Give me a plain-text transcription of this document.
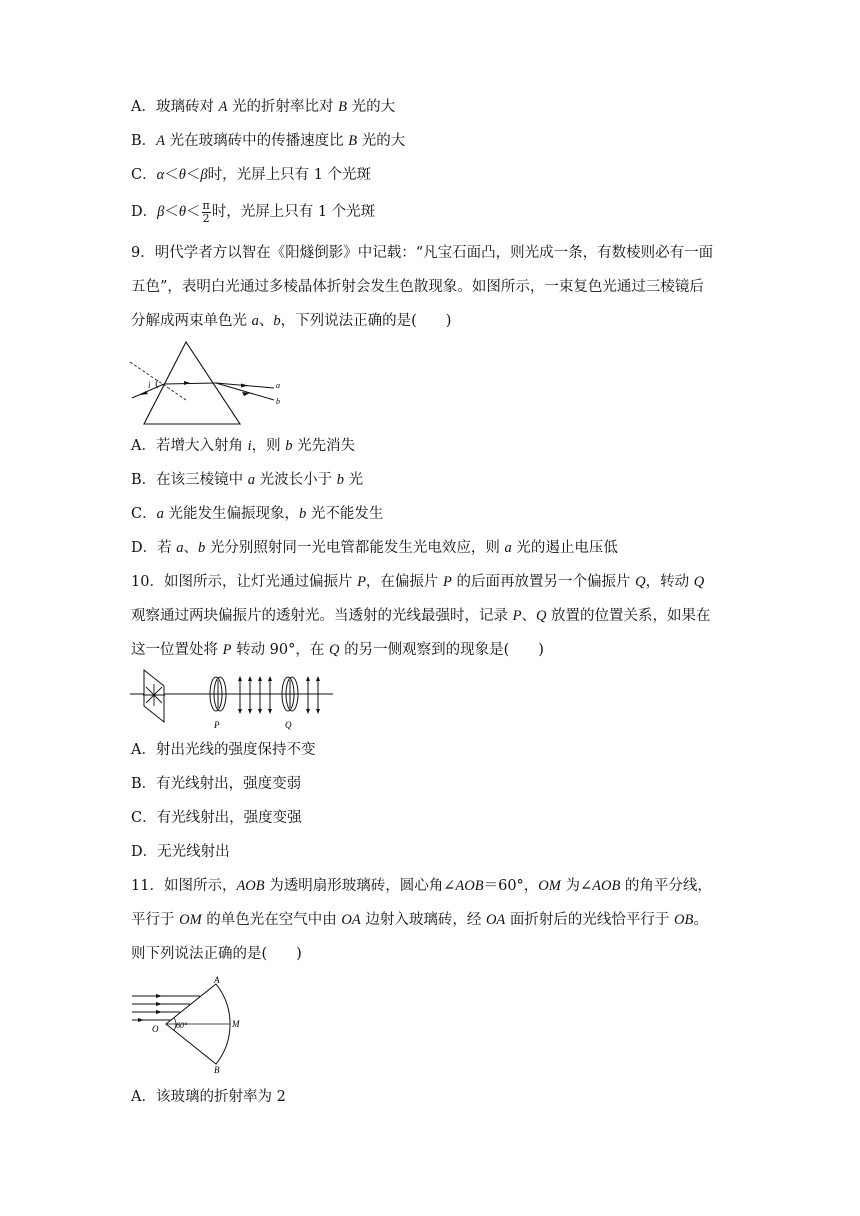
A．玻璃砖对 A 光的折射率比对 B 光的大
B．A 光在玻璃砖中的传播速度比 B 光的大
C．α＜θ＜β时，光屏上只有 1 个光斑
D．$\beta<\theta< \frac{\pi}{2}$ 时，光屏上只有 1 个光斑
9．明代学者方以智在《阳燧倒影》中记载：“凡宝石面凸，则光成一条，有数棱则必有一面
五色”，表明白光通过多棱晶体折射会发生色散现象。如图所示，一束复色光通过三棱镜后
分解成两束单色光 a、b，下列说法正确的是(　　)
i	a
b
A．若增大入射角 i，则 b 光先消失
B．在该三棱镜中 a 光波长小于 b 光
C．a 光能发生偏振现象，b 光不能发生
D．若 a、b 光分别照射同一光电管都能发生光电效应，则 a 光的遏止电压低
10．如图所示，让灯光通过偏振片 P，在偏振片 P 的后面再放置另一个偏振片 Q，转动 Q
观察通过两块偏振片的透射光。当透射的光线最强时，记录 P、Q 放置的位置关系，如果在
这一位置处将 P 转动 90°，在 Q 的另一侧观察到的现象是(　　)
P	Q
A．射出光线的强度保持不变
B．有光线射出，强度变弱
C．有光线射出，强度变强
D．无光线射出
11．如图所示，AOB 为透明扇形玻璃砖，圆心角∠AOB＝60°，OM 为∠AOB 的角平分线，
平行于 OM 的单色光在空气中由 OA 边射入玻璃砖，经 OA 面折射后的光线恰平行于 OB。
则下列说法正确的是(　　)
60°
A
B
O	M
A．该玻璃的折射率为 2
